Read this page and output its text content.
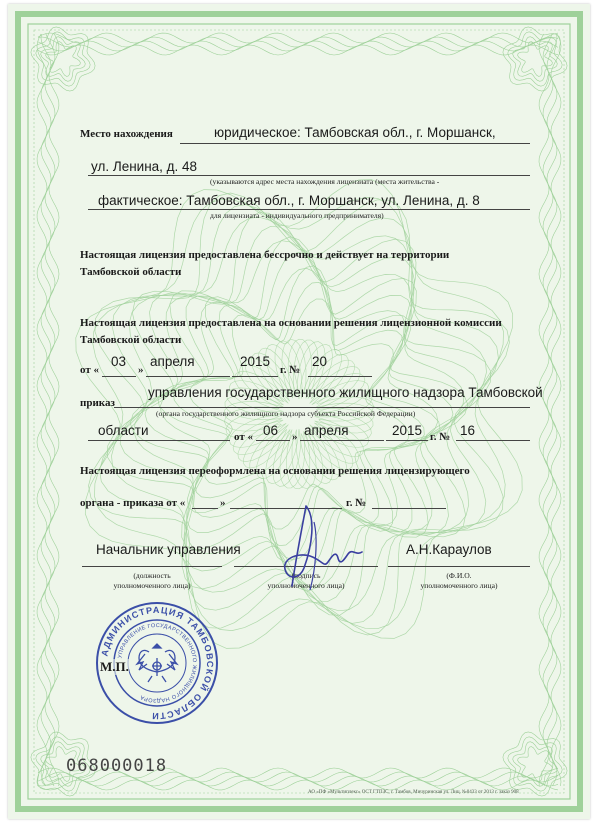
Место нахождения	юридическое: Тамбовская обл., г. Моршанск,
ул. Ленина, д. 48
(указываются адрес места нахождения лицензиата (места жительства -
фактическое: Тамбовская обл., г. Моршанск, ул. Ленина, д. 8
для лицензиата - индивидуального предпринимателя)
Настоящая лицензия предоставлена бессрочно и действует на территории
Тамбовской области
Настоящая лицензия предоставлена на основании решения лицензионной комиссии
Тамбовской области
от «
03
»
апреля	2015
г. №
20
приказ
управления государственного жилищного надзора Тамбовской
(органа государственного жилищного надзора субъекта Российской Федерации)
области	от « 06 » апреля	2015 г. № 16
Настоящая лицензия переоформлена на основании решения лицензирующего
органа - приказа от «	»	г. №
Начальник управления
(должность
уполномоченного лица)
(подпись
уполномоченного лица)
А.Н.Караулов
(Ф.И.О.
уполномоченного лица)
АДМИНИСТРАЦИЯ ТАМБОВСКОЙ ОБЛАСТИ
УПРАВЛЕНИЕ ГОСУДАРСТВЕННОГО ЖИЛИЩНОГО НАДЗОРА
М.П.
068000018
АО «ПФ «Мультиплекс» ОСТ ГТПЗС, г. Тамбов, Мичуринская ул. Лиц. №0433 от 2013 г. заказ 908
